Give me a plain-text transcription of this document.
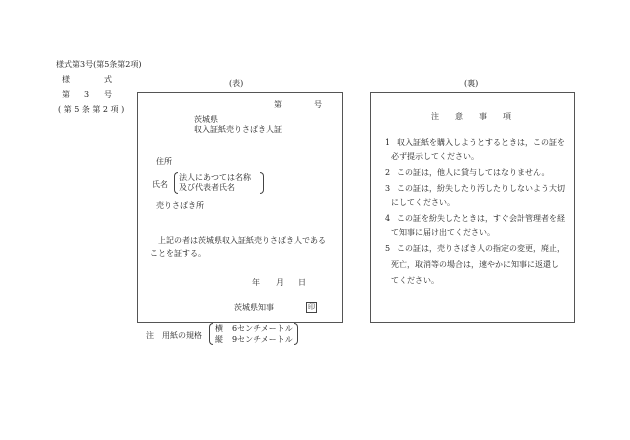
様式第3号(第5条第2項)
様	式
第 3 号
( 第 5 条 第 2 項 )
(表)
第	号
茨城県
収入証紙売りさばき人証
住所
氏名
法人にあつては名称
及び代表者氏名
売りさばき所
上記の者は茨城県収入証紙売りさばき人である
ことを証する。
年 月 日
茨城県知事	印
(裏)
注 意 事 項
1 収入証紙を購入しようとするときは，この証を
必ず提示してください。
2 この証は，他人に貸与してはなりません。
3 この証は，紛失したり汚したりしないよう大切
にしてください。
4 この証を紛失したときは，すぐ会計管理者を経
て知事に届け出てください。
5 この証は，売りさばき人の指定の変更，廃止，
死亡，取消等の場合は，速やかに知事に返還し
てください。
注 用紙の規格
横 6センチメートル
縦 9センチメートル
